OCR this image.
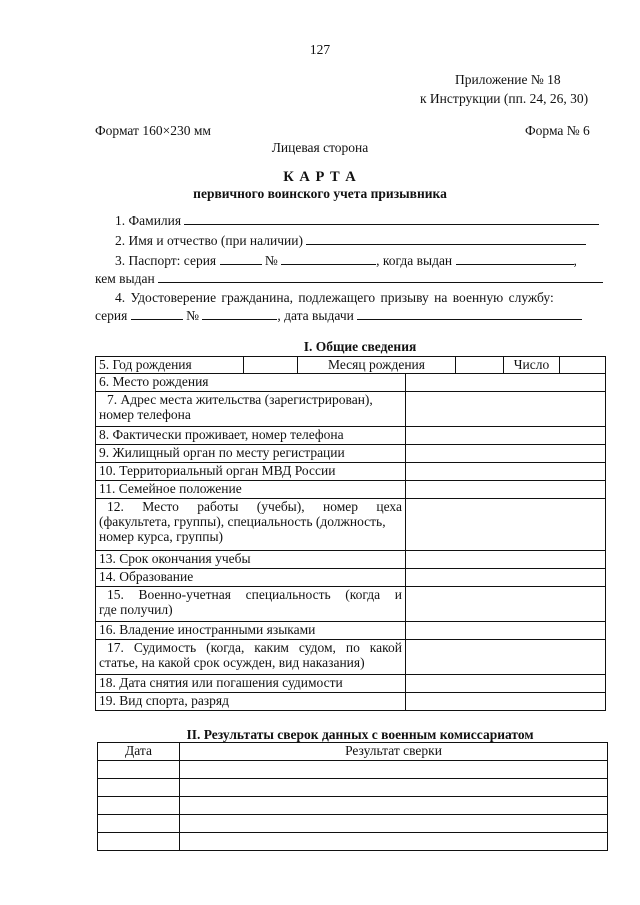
127
Приложение № 18
к Инструкции (пп. 24, 26, 30)
Формат 160×230 мм	Форма № 6
Лицевая сторона
К А Р Т А
первичного воинского учета призывника
1. Фамилия
2. Имя и отчество (при наличии)
3. Паспорт: серия	№	, когда выдан	,
кем выдан
4. Удостоверение гражданина, подлежащего призыву на военную службу:
серия	№	, дата выдачи
I. Общие сведения
5. Год рождения		Месяц рождения		Число	
6. Место рождения	

7. Адрес места жительства (зарегистрирован),
номер телефона	
8. Фактически проживает, номер телефона	
9. Жилищный орган по месту регистрации	
10. Территориальный орган МВД России	
11. Семейное положение	

12. Место работы (учебы), номер цеха
(факультета, группы), специальность (должность,
номер курса, группы)	
13. Срок окончания учебы	
14. Образование	

15. Военно-учетная специальность (когда и
где получил)	
16. Владение иностранными языками	

17. Судимость (когда, каким судом, по какой
статье, на какой срок осужден, вид наказания)	
18. Дата снятия или погашения судимости	
19. Вид спорта, разряд	
II. Результаты сверок данных с военным комиссариатом
Дата	Результат сверки
